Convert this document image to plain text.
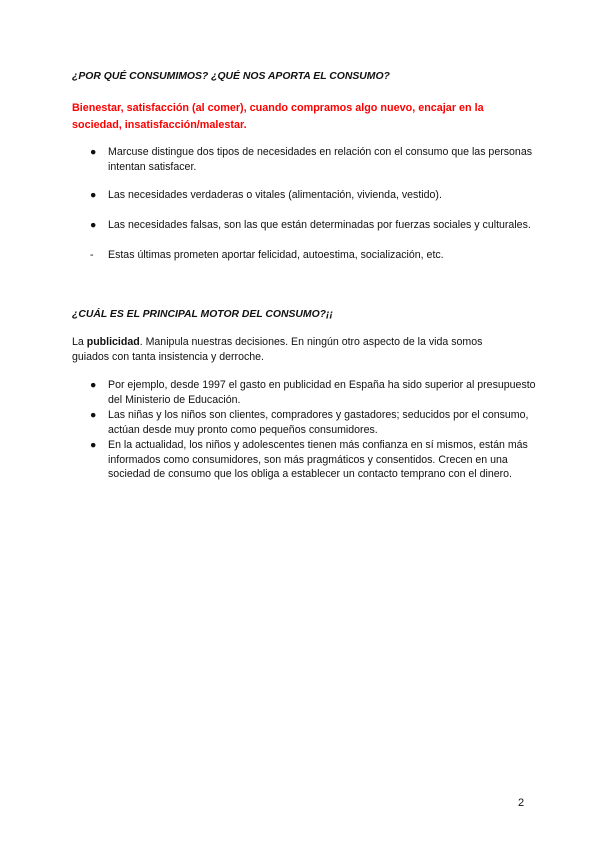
¿POR QUÉ CONSUMIMOS? ¿QUÉ NOS APORTA EL CONSUMO?
Bienestar, satisfacción (al comer), cuando compramos algo nuevo, encajar en la sociedad, insatisfacción/malestar.
●	Marcuse distingue dos tipos de necesidades en relación con el consumo que las personas intentan satisfacer.
●	Las necesidades verdaderas o vitales (alimentación, vivienda, vestido).
●	Las necesidades falsas, son las que están determinadas por fuerzas sociales y culturales.
-	Estas últimas prometen aportar felicidad, autoestima, socialización, etc.
¿CUÁL ES EL PRINCIPAL MOTOR DEL CONSUMO?¡¡
La publicidad. Manipula nuestras decisiones. En ningún otro aspecto de la vida somos guiados con tanta insistencia y derroche.
●	Por ejemplo, desde 1997 el gasto en publicidad en España ha sido superior al presupuesto del Ministerio de Educación.
●	Las niñas y los niños son clientes, compradores y gastadores; seducidos por el consumo, actúan desde muy pronto como pequeños consumidores.
●	En la actualidad, los niños y adolescentes tienen más confianza en sí mismos, están más informados como consumidores, son más pragmáticos y consentidos. Crecen en una sociedad de consumo que los obliga a establecer un contacto temprano con el dinero.
2
